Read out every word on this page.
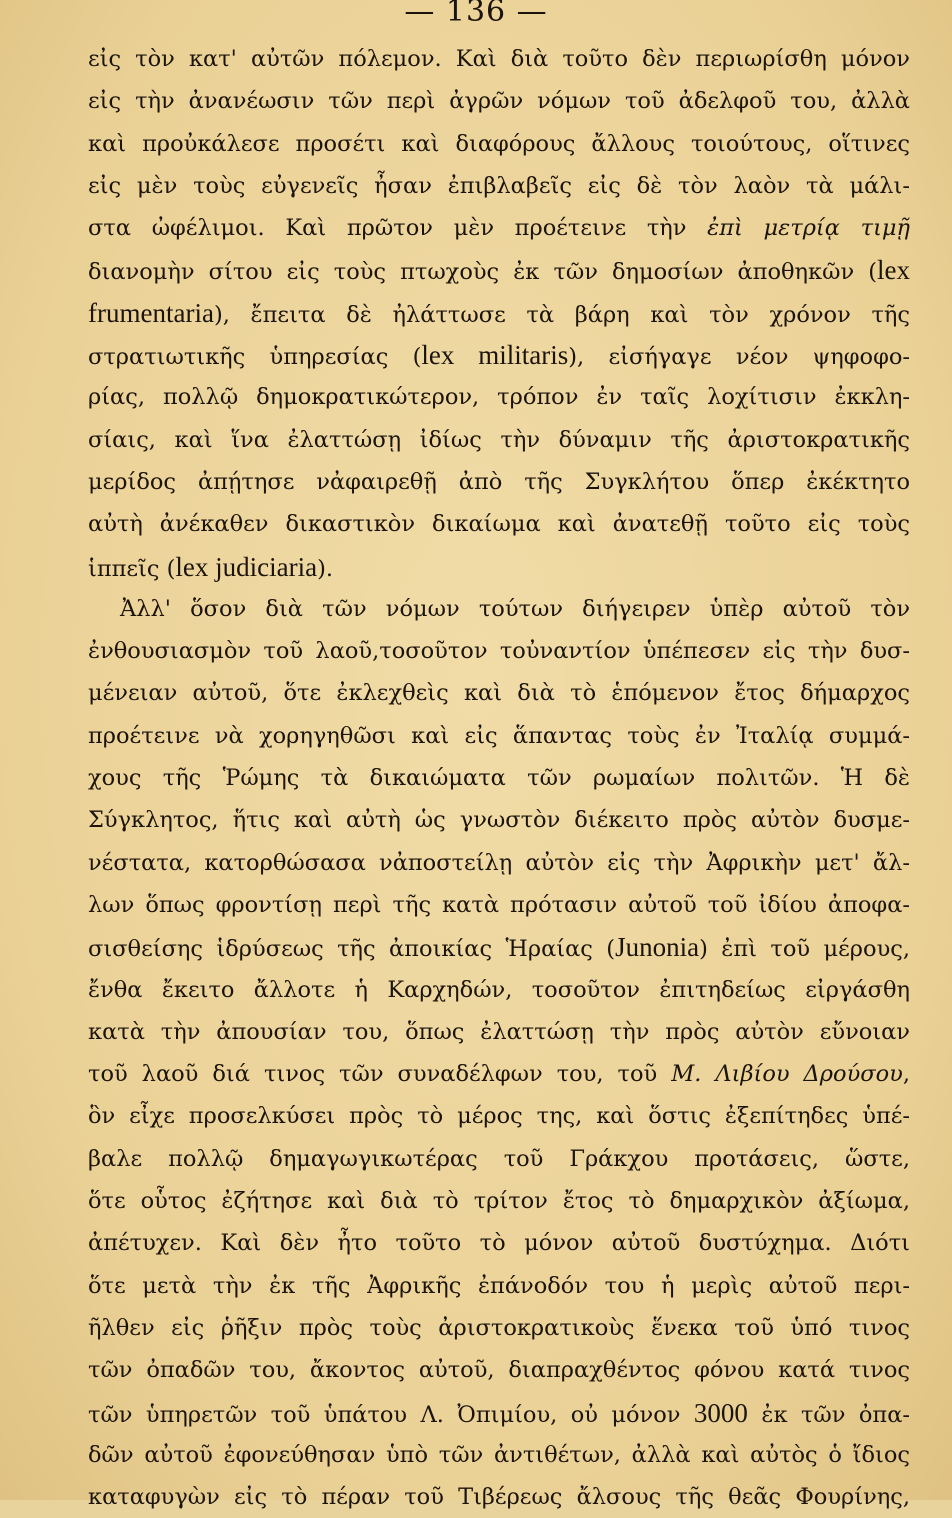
— 136 —
εἰς τὸν κατ' αὐτῶν πόλεμον. Καὶ διὰ τοῦτο δὲν περιωρίσθη μόνον
εἰς τὴν ἀνανέωσιν τῶν περὶ ἀγρῶν νόμων τοῦ ἀδελφοῦ του, ἀλλὰ
καὶ προὐκάλεσε προσέτι καὶ διαφόρους ἄλλους τοιούτους, οἵτινες
εἰς μὲν τοὺς εὐγενεῖς ἦσαν ἐπιβλαβεῖς εἰς δὲ τὸν λαὸν τὰ μάλι-
στα ὠφέλιμοι. Καὶ πρῶτον μὲν προέτεινε τὴν ἐπὶ μετρίᾳ τιμῇ
διανομὴν σίτου εἰς τοὺς πτωχοὺς ἐκ τῶν δημοσίων ἀποθηκῶν (lex
frumentaria), ἔπειτα δὲ ἠλάττωσε τὰ βάρη καὶ τὸν χρόνον τῆς
στρατιωτικῆς ὑπηρεσίας (lex militaris), εἰσήγαγε νέον ψηφοφο-
ρίας, πολλῷ δημοκρατικώτερον, τρόπον ἐν ταῖς λοχίτισιν ἐκκλη-
σίαις, καὶ ἵνα ἐλαττώσῃ ἰδίως τὴν δύναμιν τῆς ἀριστοκρατικῆς
μερίδος ἀπῄτησε νἀφαιρεθῇ ἀπὸ τῆς Συγκλήτου ὅπερ ἐκέκτητο
αὐτὴ ἀνέκαθεν δικαστικὸν δικαίωμα καὶ ἀνατεθῇ τοῦτο εἰς τοὺς
ἱππεῖς (lex judiciaria).
Ἀλλ' ὅσον διὰ τῶν νόμων τούτων διήγειρεν ὑπὲρ αὐτοῦ τὸν
ἐνθουσιασμὸν τοῦ λαοῦ,τοσοῦτον τοὐναντίον ὑπέπεσεν εἰς τὴν δυσ-
μένειαν αὐτοῦ, ὅτε ἐκλεχθεὶς καὶ διὰ τὸ ἑπόμενον ἔτος δήμαρχος
προέτεινε νὰ χορηγηθῶσι καὶ εἰς ἅπαντας τοὺς ἐν Ἰταλίᾳ συμμά-
χους τῆς Ῥώμης τὰ δικαιώματα τῶν ρωμαίων πολιτῶν. Ἡ δὲ
Σύγκλητος, ἥτις καὶ αὐτὴ ὡς γνωστὸν διέκειτο πρὸς αὐτὸν δυσμε-
νέστατα, κατορθώσασα νἀποστείλῃ αὐτὸν εἰς τὴν Ἀφρικὴν μετ' ἄλ-
λων ὅπως φροντίσῃ περὶ τῆς κατὰ πρότασιν αὐτοῦ τοῦ ἰδίου ἀποφα-
σισθείσης ἱδρύσεως τῆς ἀποικίας Ἡραίας (Junonia) ἐπὶ τοῦ μέρους,
ἔνθα ἔκειτο ἄλλοτε ἡ Καρχηδών, τοσοῦτον ἐπιτηδείως εἰργάσθη
κατὰ τὴν ἀπουσίαν του, ὅπως ἐλαττώσῃ τὴν πρὸς αὐτὸν εὔνοιαν
τοῦ λαοῦ διά τινος τῶν συναδέλφων του, τοῦ Μ. Λιβίου Δρούσου,
ὃν εἶχε προσελκύσει πρὸς τὸ μέρος της, καὶ ὅστις ἐξεπίτηδες ὑπέ-
βαλε πολλῷ δημαγωγικωτέρας τοῦ Γράκχου προτάσεις, ὥστε,
ὅτε οὗτος ἐζήτησε καὶ διὰ τὸ τρίτον ἔτος τὸ δημαρχικὸν ἀξίωμα,
ἀπέτυχεν. Καὶ δὲν ἦτο τοῦτο τὸ μόνον αὐτοῦ δυστύχημα. Διότι
ὅτε μετὰ τὴν ἐκ τῆς Ἀφρικῆς ἐπάνοδόν του ἡ μερὶς αὐτοῦ περι-
ῆλθεν εἰς ῥῆξιν πρὸς τοὺς ἀριστοκρατικοὺς ἕνεκα τοῦ ὑπό τινος
τῶν ὀπαδῶν του, ἄκοντος αὐτοῦ, διαπραχθέντος φόνου κατά τινος
τῶν ὑπηρετῶν τοῦ ὑπάτου Λ. Ὀπιμίου, οὐ μόνον 3000 ἐκ τῶν ὀπα-
δῶν αὐτοῦ ἐφονεύθησαν ὑπὸ τῶν ἀντιθέτων, ἀλλὰ καὶ αὐτὸς ὁ ἴδιος
καταφυγὼν εἰς τὸ πέραν τοῦ Τιβέρεως ἄλσους τῆς θεᾶς Φουρίνης,
